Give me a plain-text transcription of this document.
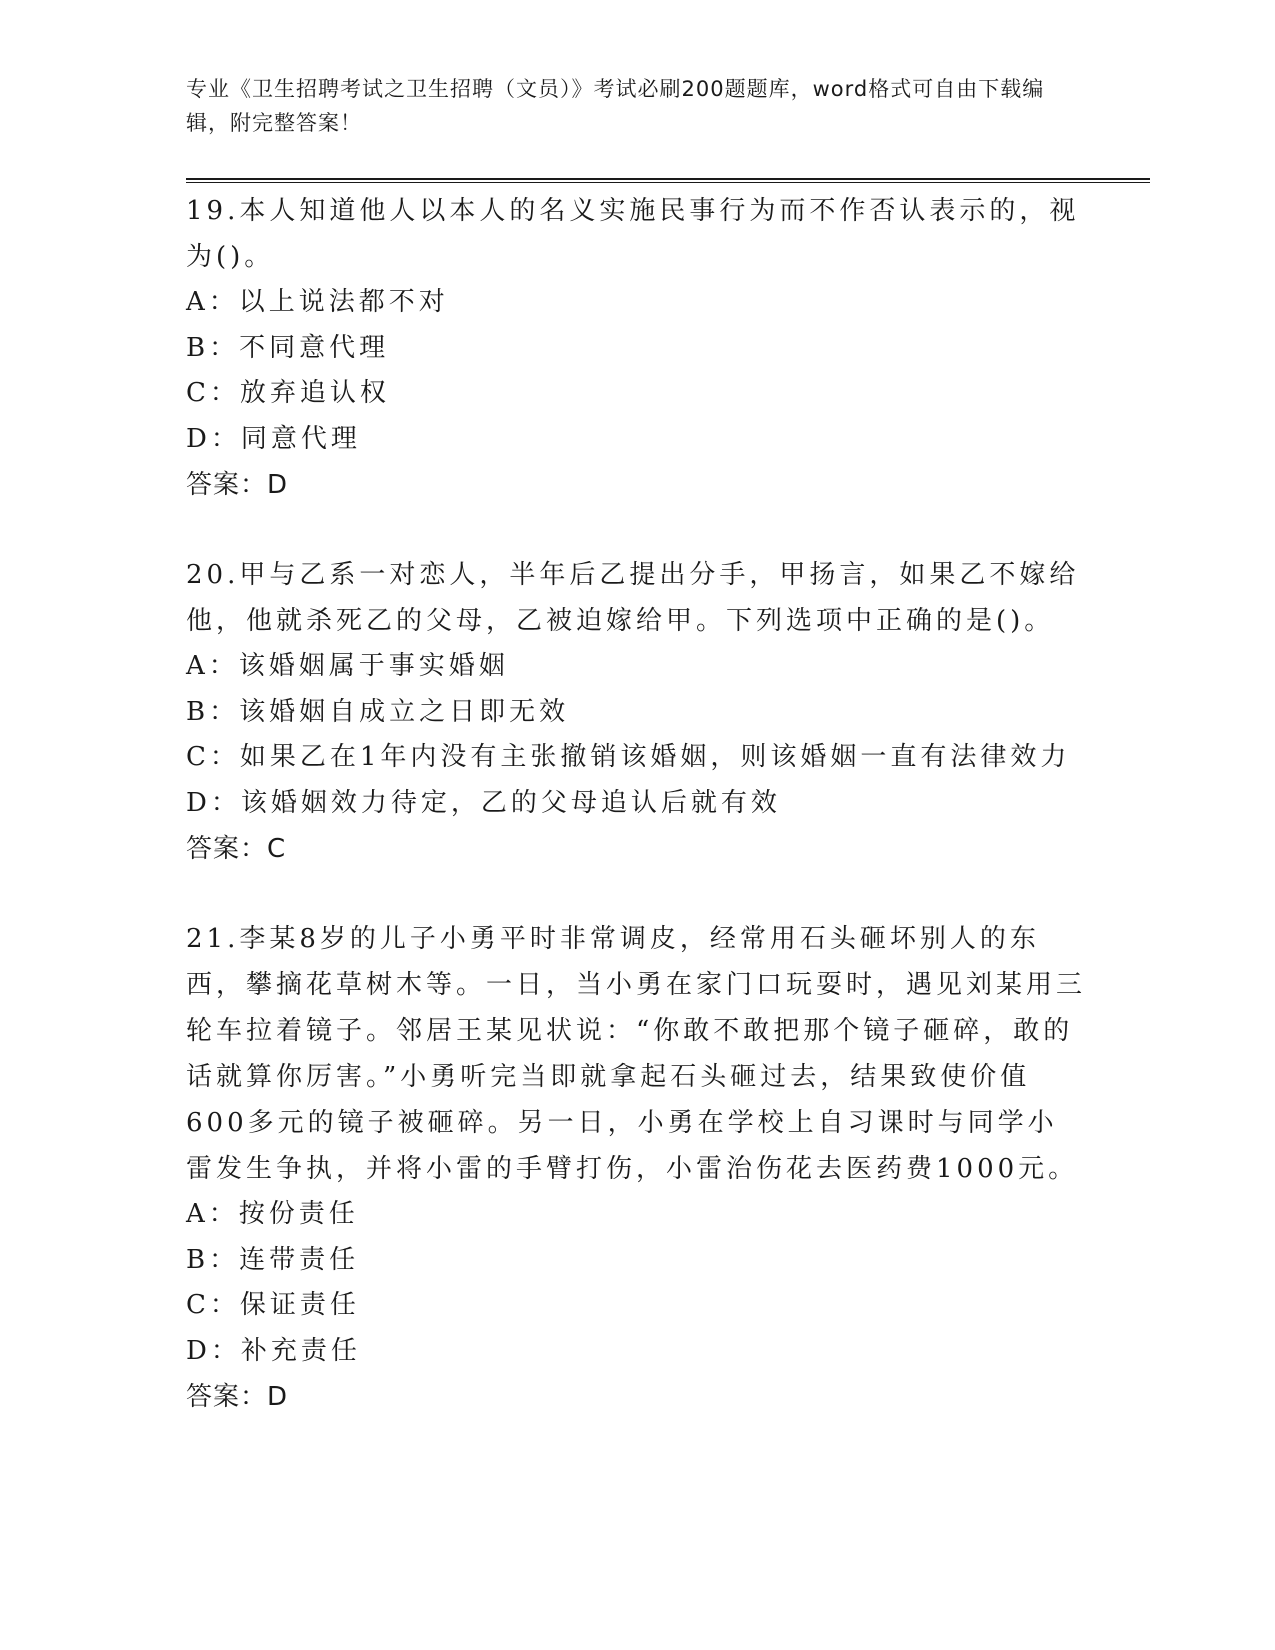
专业《卫生招聘考试之卫生招聘（文员）》考试必刷200题题库，word格式可自由下载编辑，附完整答案！

19.本人知道他人以本人的名义实施民事行为而不作否认表示的，视为()。

A：以上说法都不对

B：不同意代理

C：放弃追认权

D：同意代理

答案：D

20.甲与乙系一对恋人，半年后乙提出分手，甲扬言，如果乙不嫁给他，他就杀死乙的父母，乙被迫嫁给甲。下列选项中正确的是()。

A：该婚姻属于事实婚姻

B：该婚姻自成立之日即无效

C：如果乙在1年内没有主张撤销该婚姻，则该婚姻一直有法律效力

D：该婚姻效力待定，乙的父母追认后就有效

答案：C

21.李某8岁的儿子小勇平时非常调皮，经常用石头砸坏别人的东西，攀摘花草树木等。一日，当小勇在家门口玩耍时，遇见刘某用三轮车拉着镜子。邻居王某见状说：“你敢不敢把那个镜子砸碎，敢的话就算你厉害。”小勇听完当即就拿起石头砸过去，结果致使价值600多元的镜子被砸碎。另一日，小勇在学校上自习课时与同学小雷发生争执，并将小雷的手臂打伤，小雷治伤花去医药费1000元。

A：按份责任

B：连带责任

C：保证责任

D：补充责任

答案：D
